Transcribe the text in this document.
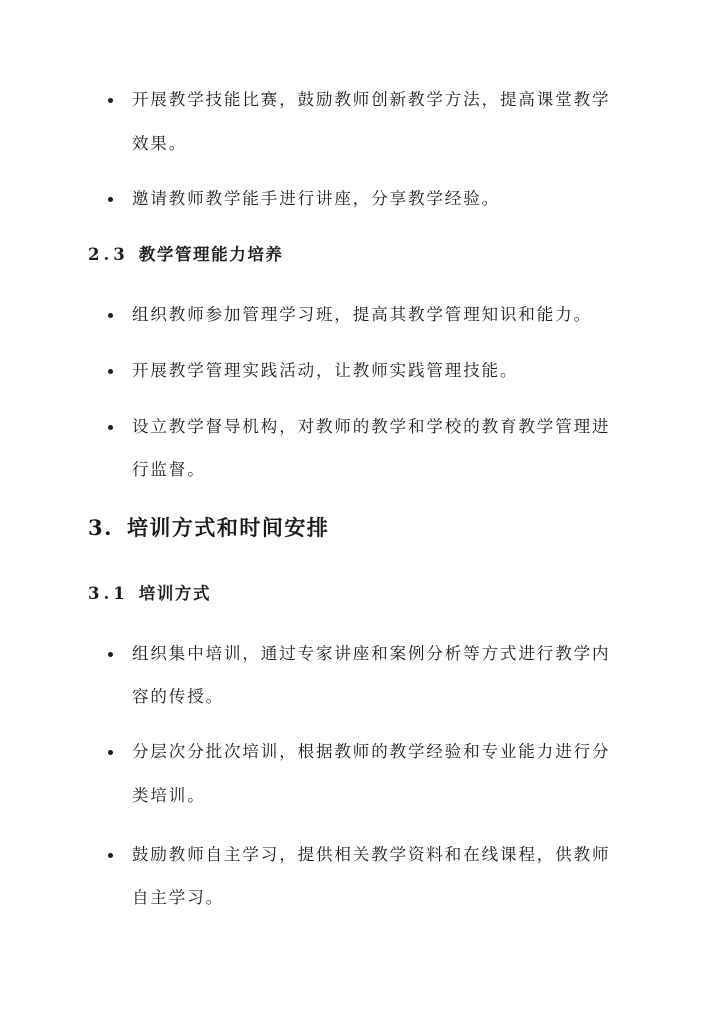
开展教学技能比赛，鼓励教师创新教学方法，提高课堂教学
效果。
邀请教师教学能手进行讲座，分享教学经验。
2.3 教学管理能力培养
组织教师参加管理学习班，提高其教学管理知识和能力。
开展教学管理实践活动，让教师实践管理技能。
设立教学督导机构，对教师的教学和学校的教育教学管理进
行监督。
3. 培训方式和时间安排
3.1 培训方式
组织集中培训，通过专家讲座和案例分析等方式进行教学内
容的传授。
分层次分批次培训，根据教师的教学经验和专业能力进行分
类培训。
鼓励教师自主学习，提供相关教学资料和在线课程，供教师
自主学习。
